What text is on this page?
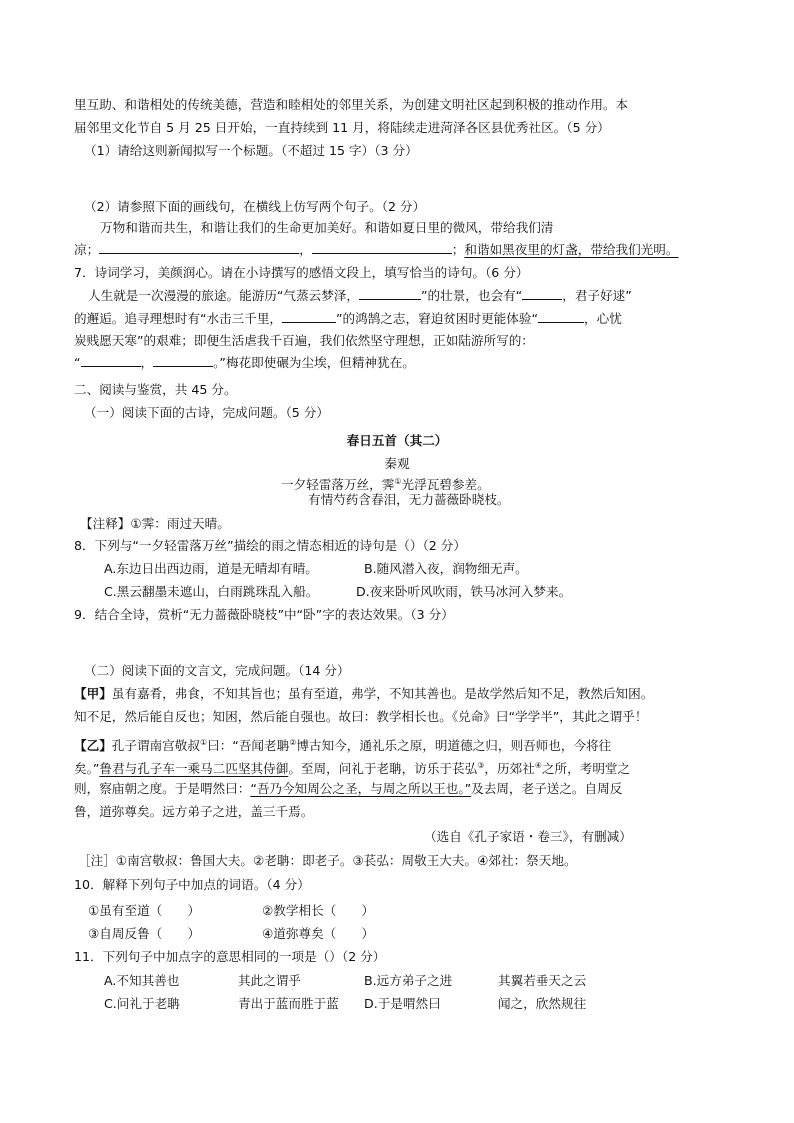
里互助、和谐相处的传统美德，营造和睦相处的邻里关系，为创建文明社区起到积极的推动作用。本
届邻里文化节自 5 月 25 日开始，一直持续到 11 月，将陆续走进菏泽各区县优秀社区。（5 分）
（1）请给这则新闻拟写一个标题。（不超过 15 字）（3 分）
（2）请参照下面的画线句，在横线上仿写两个句子。（2 分）
万物和谐而共生，和谐让我们的生命更加美好。和谐如夏日里的微风，带给我们清
凉；	，	；和谐如黑夜里的灯盏，带给我们光明。
7．诗词学习，美颜润心。请在小诗撰写的感悟文段上，填写恰当的诗句。（6 分）
人生就是一次漫漫的旅途。能游历“气蒸云梦泽，	”的壮景，也会有“	，君子好逑”
的邂逅。追寻理想时有“水击三千里，	”的鸿鹄之志，窘迫贫困时更能体验“	，心忧
炭贱愿天寒”的艰难；即便生活虐我千百遍，我们依然坚守理想，正如陆游所写的：
“	，	。”梅花即使碾为尘埃，但精神犹在。
二、阅读与鉴赏，共 45 分。
（一）阅读下面的古诗，完成问题。（5 分）
春日五首（其二）
秦观
一夕轻雷落万丝，霁①光浮瓦碧参差。
有情芍药含春泪，无力蔷薇卧晓枝。
【注释】①霁：雨过天晴。
8．下列与“一夕轻雷落万丝”描绘的雨之情态相近的诗句是（）（2 分）
A.东边日出西边雨，道是无晴却有晴。	B.随风潜入夜，润物细无声。
C.黑云翻墨未遮山，白雨跳珠乱入船。	D.夜来卧听风吹雨，铁马冰河入梦来。
9．结合全诗，赏析“无力蔷薇卧晓枝”中“卧”字的表达效果。（3 分）
（二）阅读下面的文言文，完成问题。（14 分）
【甲】虽有嘉肴，弗食，不知其旨也；虽有至道，弗学，不知其善也。是故学然后知不足，教然后知困。
知不足，然后能自反也；知困，然后能自强也。故曰：教学相长也。《兑命》曰“学学半”，其此之谓乎！
【乙】孔子谓南宫敬叔①曰：“吾闻老聃②博古知今，通礼乐之原，明道德之归，则吾师也，今将往
矣。”鲁君与孔子车一乘马二匹坚其侍御。至周，问礼于老聃，访乐于苌弘③，历郊社④之所，考明堂之
则，察庙朝之度。于是喟然曰：“吾乃今知周公之圣，与周之所以王也。”及去周，老子送之。自周反
鲁，道弥尊矣。远方弟子之进，盖三千焉。
（选自《孔子家语・卷三》，有删减）
［注］①南宫敬叔：鲁国大夫。②老聃：即老子。③苌弘：周敬王大夫。④郊社：祭天地。
10．解释下列句子中加点的词语。（4 分）
①虽有至道（　　）	②教学相长（　　）
③自周反鲁（　　）	④道弥尊矣（　　）
11．下列句子中加点字的意思相同的一项是（）（2 分）
A.不知其善也	其此之谓乎	B.远方弟子之进	其翼若垂天之云
C.问礼于老聃	青出于蓝而胜于蓝 D.于是喟然曰	闻之，欣然规往
